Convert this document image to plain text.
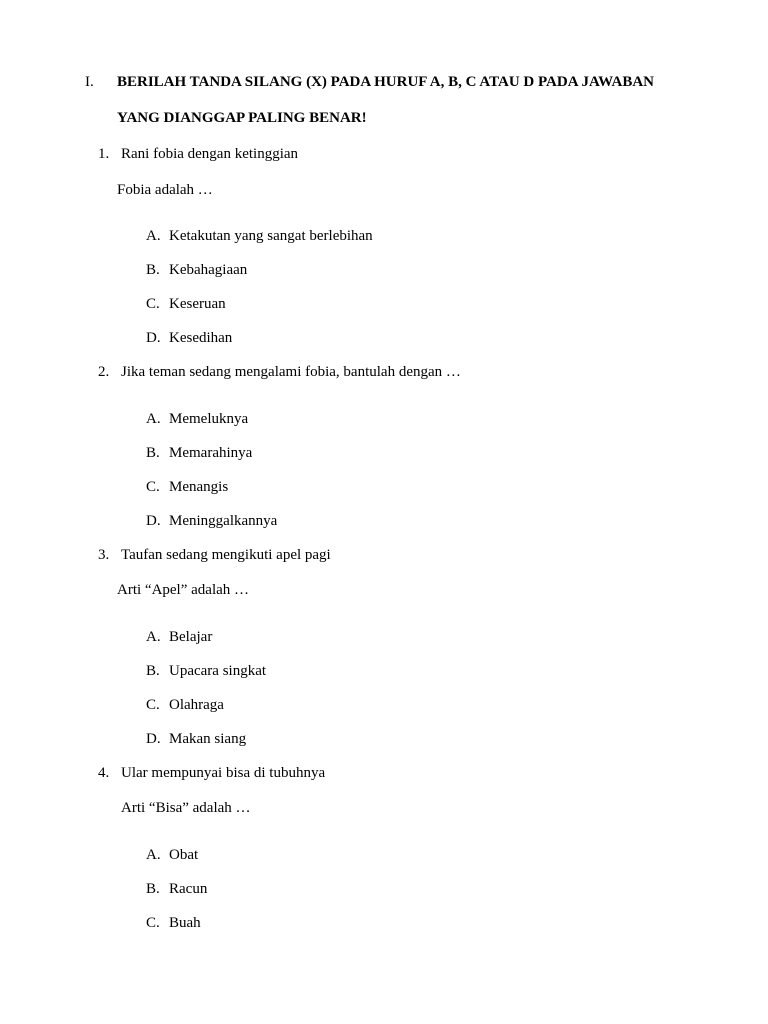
I. BERILAH TANDA SILANG (X) PADA HURUF A, B, C ATAU D PADA JAWABAN
YANG DIANGGAP PALING BENAR!
1. Rani fobia dengan ketinggian
Fobia adalah …
A. Ketakutan yang sangat berlebihan
B. Kebahagiaan
C. Keseruan
D. Kesedihan
2. Jika teman sedang mengalami fobia, bantulah dengan …
A. Memeluknya
B. Memarahinya
C. Menangis
D. Meninggalkannya
3. Taufan sedang mengikuti apel pagi
Arti “Apel” adalah …
A. Belajar
B. Upacara singkat
C. Olahraga
D. Makan siang
4. Ular mempunyai bisa di tubuhnya
Arti “Bisa” adalah …
A. Obat
B. Racun
C. Buah
